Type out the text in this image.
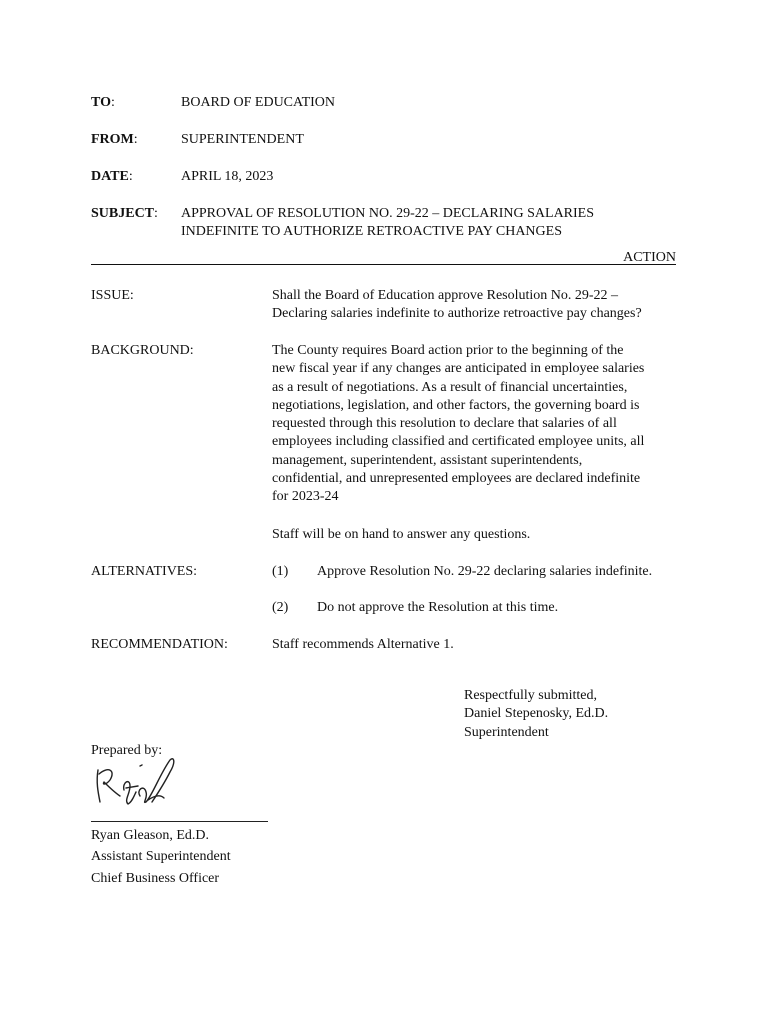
TO:	BOARD OF EDUCATION
FROM:	SUPERINTENDENT
DATE:	APRIL 18, 2023
SUBJECT: APPROVAL OF RESOLUTION NO. 29-22 – DECLARING SALARIES
INDEFINITE TO AUTHORIZE RETROACTIVE PAY CHANGES
ACTION
ISSUE:	Shall the Board of Education approve Resolution No. 29-22 –
Declaring salaries indefinite to authorize retroactive pay changes?
BACKGROUND:	The County requires Board action prior to the beginning of the
new fiscal year if any changes are anticipated in employee salaries
as a result of negotiations. As a result of financial uncertainties,
negotiations, legislation, and other factors, the governing board is
requested through this resolution to declare that salaries of all
employees including classified and certificated employee units, all
management, superintendent, assistant superintendents,
confidential, and unrepresented employees are declared indefinite
for 2023-24
Staff will be on hand to answer any questions.
ALTERNATIVES:	(1) Approve Resolution No. 29-22 declaring salaries indefinite.
(2) Do not approve the Resolution at this time.
RECOMMENDATION:	Staff recommends Alternative 1.
Respectfully submitted,
Daniel Stepenosky, Ed.D.
Superintendent
Prepared by:
Ryan Gleason, Ed.D.
Assistant Superintendent
Chief Business Officer
